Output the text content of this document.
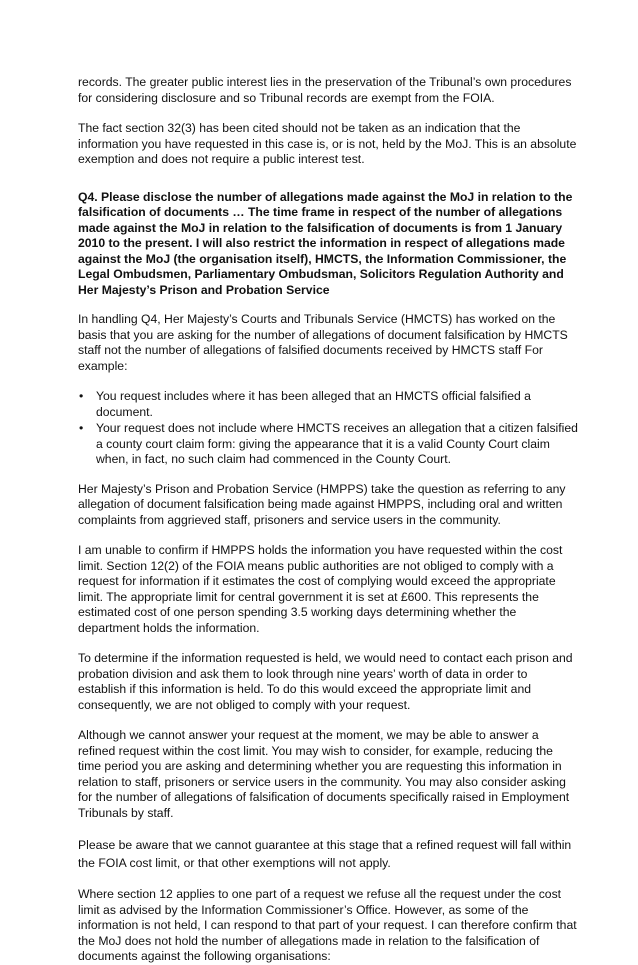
records. The greater public interest lies in the preservation of the Tribunal’s own procedures for considering disclosure and so Tribunal records are exempt from the FOIA.

The fact section 32(3) has been cited should not be taken as an indication that the information you have requested in this case is, or is not, held by the MoJ. This is an absolute exemption and does not require a public interest test.

Q4. Please disclose the number of allegations made against the MoJ in relation to the falsification of documents … The time frame in respect of the number of allegations made against the MoJ in relation to the falsification of documents is from 1 January 2010 to the present. I will also restrict the information in respect of allegations made against the MoJ (the organisation itself), HMCTS, the Information Commissioner, the Legal Ombudsmen, Parliamentary Ombudsman, Solicitors Regulation Authority and Her Majesty’s Prison and Probation Service

In handling Q4, Her Majesty’s Courts and Tribunals Service (HMCTS) has worked on the basis that you are asking for the number of allegations of document falsification by HMCTS staff not the number of allegations of falsified documents received by HMCTS staff For example:

• You request includes where it has been alleged that an HMCTS official falsified a document.
• Your request does not include where HMCTS receives an allegation that a citizen falsified a county court claim form: giving the appearance that it is a valid County Court claim when, in fact, no such claim had commenced in the County Court.

Her Majesty’s Prison and Probation Service (HMPPS) take the question as referring to any allegation of document falsification being made against HMPPS, including oral and written complaints from aggrieved staff, prisoners and service users in the community.

I am unable to confirm if HMPPS holds the information you have requested within the cost limit. Section 12(2) of the FOIA means public authorities are not obliged to comply with a request for information if it estimates the cost of complying would exceed the appropriate limit. The appropriate limit for central government it is set at £600. This represents the estimated cost of one person spending 3.5 working days determining whether the department holds the information.

To determine if the information requested is held, we would need to contact each prison and probation division and ask them to look through nine years’ worth of data in order to establish if this information is held. To do this would exceed the appropriate limit and consequently, we are not obliged to comply with your request.

Although we cannot answer your request at the moment, we may be able to answer a refined request within the cost limit. You may wish to consider, for example, reducing the time period you are asking and determining whether you are requesting this information in relation to staff, prisoners or service users in the community. You may also consider asking for the number of allegations of falsification of documents specifically raised in Employment Tribunals by staff.

Please be aware that we cannot guarantee at this stage that a refined request will fall within the FOIA cost limit, or that other exemptions will not apply.

Where section 12 applies to one part of a request we refuse all the request under the cost limit as advised by the Information Commissioner’s Office. However, as some of the information is not held, I can respond to that part of your request. I can therefore confirm that the MoJ does not hold the number of allegations made in relation to the falsification of documents against the following organisations:
